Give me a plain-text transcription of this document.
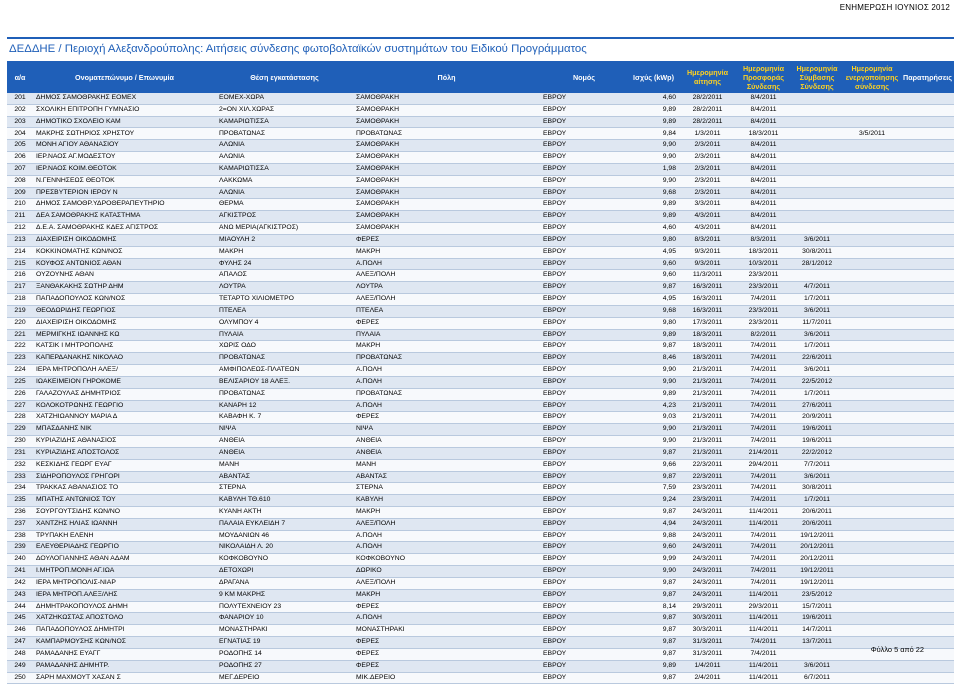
ΕΝΗΜΕΡΩΣΗ ΙΟΥΝΙΟΣ 2012
ΔΕΔΔΗΕ / Περιοχή Αλεξανδρούπολης: Αιτήσεις σύνδεσης φωτοβολταϊκών συστημάτων του Ειδικού Προγράμματος
α/α	Ονοματεπώνυμο / Επωνυμία	Θέση εγκατάστασης	Πόλη	Νομός	Ισχύς (kWp)	Ημερομηνία αίτησης	Ημερομηνία Προσφοράς Σύνδεσης	Ημερομηνία Σύμβασης Σύνδεσης	Ημερομηνία ενεργοποίησης σύνδεσης	Παρατηρήσεις
201	ΔΗΜΟΣ ΣΑΜΟΘΡΑΚΗΣ ΕΟΜΕΧ	ΕΟΜΕΧ-ΧΩΡΑ	ΣΑΜΟΘΡΑΚΗ	ΕΒΡΟΥ	4,60	28/2/2011	8/4/2011			
202	ΣΧΟΛΙΚΗ ΕΠΙΤΡΟΠΗ ΓΥΜΝΑΣΙΟ	2=ΟΝ ΧΙΛ.ΧΩΡΑΣ	ΣΑΜΟΘΡΑΚΗ	ΕΒΡΟΥ	9,89	28/2/2011	8/4/2011			
203	ΔΗΜΟΤΙΚΟ ΣΧΟΛΕΙΟ ΚΑΜ	ΚΑΜΑΡΙΩΤΙΣΣΑ	ΣΑΜΟΘΡΑΚΗ	ΕΒΡΟΥ	9,89	28/2/2011	8/4/2011			
204	ΜΑΚΡΗΣ ΣΩΤΗΡΙΟΣ ΧΡΗΣΤΟΥ	ΠΡΟΒΑΤΩΝΑΣ	ΠΡΟΒΑΤΩΝΑΣ	ΕΒΡΟΥ	9,84	1/3/2011	18/3/2011		3/5/2011	
205	ΜΟΝΗ ΑΓΙΟΥ ΑΘΑΝΑΣΙΟΥ	ΑΛΩΝΙΑ	ΣΑΜΟΘΡΑΚΗ	ΕΒΡΟΥ	9,90	2/3/2011	8/4/2011			
206	ΙΕΡ.ΝΑΟΣ ΑΓ.ΜΟΔΕΣΤΟΥ	ΑΛΩΝΙΑ	ΣΑΜΟΘΡΑΚΗ	ΕΒΡΟΥ	9,90	2/3/2011	8/4/2011			
207	ΙΕΡ.ΝΑΟΣ ΚΟΙΜ.ΘΕΟΤΟΚ	ΚΑΜΑΡΙΩΤΙΣΣΑ	ΣΑΜΟΘΡΑΚΗ	ΕΒΡΟΥ	1,98	2/3/2011	8/4/2011			
208	Ν.ΓΕΝΝΗΣΕΩΣ ΘΕΟΤΟΚ	ΛΑΚΚΩΜΑ	ΣΑΜΟΘΡΑΚΗ	ΕΒΡΟΥ	9,90	2/3/2011	8/4/2011			
209	ΠΡΕΣΒΥΤΕΡΙΟΝ ΙΕΡΟΥ Ν	ΑΛΩΝΙΑ	ΣΑΜΟΘΡΑΚΗ	ΕΒΡΟΥ	9,68	2/3/2011	8/4/2011			
210	ΔΗΜΟΣ ΣΑΜΟΘΡ.ΥΔΡΟΘΕΡΑΠΕΥΤΗΡΙΟ	ΘΕΡΜΑ	ΣΑΜΟΘΡΑΚΗ	ΕΒΡΟΥ	9,89	3/3/2011	8/4/2011			
211	ΔΕΑ ΣΑΜΟΘΡΑΚΗΣ ΚΑΤΑΣΤΗΜΑ	ΑΓΚΙΣΤΡΟΣ	ΣΑΜΟΘΡΑΚΗ	ΕΒΡΟΥ	9,89	4/3/2011	8/4/2011			
212	Δ.Ε.Α. ΣΑΜΟΘΡΑΚΗΣ ΚΔΕΣ ΑΓΙΣΤΡΟΣ	ΑΝΩ ΜΕΡΙΑ(ΑΓΚΙΣΤΡΟΣ)	ΣΑΜΟΘΡΑΚΗ	ΕΒΡΟΥ	4,60	4/3/2011	8/4/2011			
213	ΔΙΑΧΕΙΡΙΣΗ ΟΙΚΟΔΟΜΗΣ	ΜΙΑΟΥΛΗ 2	ΦΕΡΕΣ	ΕΒΡΟΥ	9,80	8/3/2011	8/3/2011	3/6/2011		
214	ΚΟΚΚΙΝΟΜΑΤΗΣ ΚΩΝ/ΝΟΣ	ΜΑΚΡΗ	ΜΑΚΡΗ	ΕΒΡΟΥ	4,95	9/3/2011	18/3/2011	30/8/2011		
215	ΚΟΥΦΟΣ ΑΝΤΩΝΙΟΣ ΑΘΑΝ	ΦΥΛΗΣ 24	Α.ΠΟΛΗ	ΕΒΡΟΥ	9,60	9/3/2011	10/3/2011	28/1/2012		
216	ΟΥΖΟΥΝΗΣ ΑΘΑΝ	ΑΠΑΛΟΣ	ΑΛΕΞ/ΠΟΛΗ	ΕΒΡΟΥ	9,60	11/3/2011	23/3/2011			
217	ΞΑΝΘΑΚΑΚΗΣ ΣΩΤΗΡ ΔΗΜ	ΛΟΥΤΡΑ	ΛΟΥΤΡΑ	ΕΒΡΟΥ	9,87	16/3/2011	23/3/2011	4/7/2011		
218	ΠΑΠΑΔΟΠΟΥΛΟΣ ΚΩΝ/ΝΟΣ	ΤΕΤΑΡΤΟ ΧΙΛΙΟΜΕΤΡΟ	ΑΛΕΞ/ΠΟΛΗ	ΕΒΡΟΥ	4,95	16/3/2011	7/4/2011	1/7/2011		
219	ΘΕΟΔΩΡΙΔΗΣ ΓΕΩΡΓΙΟΣ	ΠΤΕΛΕΑ	ΠΤΕΛΕΑ	ΕΒΡΟΥ	9,68	16/3/2011	23/3/2011	3/6/2011		
220	ΔΙΑΧΕΙΡΙΣΗ ΟΙΚΟΔΟΜΗΣ	ΟΛΥΜΠΟΥ 4	ΦΕΡΕΣ	ΕΒΡΟΥ	9,80	17/3/2011	23/3/2011	11/7/2011		
221	ΜΕΡΜΙΓΚΗΣ ΙΩΑΝΝΗΣ ΚΩ	ΠΥΛΑΙΑ	ΠΥΛΑΙΑ	ΕΒΡΟΥ	9,89	18/3/2011	8/2/2011	3/6/2011		
222	ΚΑΤΣΙΚ Ι ΜΗΤΡΟΠΟΛΗΣ	ΧΩΡΙΣ ΟΔΟ	ΜΑΚΡΗ	ΕΒΡΟΥ	9,87	18/3/2011	7/4/2011	1/7/2011		
223	ΚΑΠΕΡΔΑΝΑΚΗΣ ΝΙΚΟΛΑΟ	ΠΡΟΒΑΤΩΝΑΣ	ΠΡΟΒΑΤΩΝΑΣ	ΕΒΡΟΥ	8,46	18/3/2011	7/4/2011	22/6/2011		
224	ΙΕΡΑ ΜΗΤΡΟΠΟΛΗ ΑΛΕΞ/	ΑΜΦΙΠΟΛΕΩΣ-ΠΛΑΤΕΩΝ	Α.ΠΟΛΗ	ΕΒΡΟΥ	9,90	21/3/2011	7/4/2011	3/6/2011		
225	ΙΩΑΚΕΙΜΕΙΟΝ ΓΗΡΟΚΟΜΕ	ΒΕΛΙΣΑΡΙΟΥ 18 ΑΛΕΞ.	Α.ΠΟΛΗ	ΕΒΡΟΥ	9,90	21/3/2011	7/4/2011	22/5/2012		
226	ΓΑΛΑΖΟΥΛΑΣ ΔΗΜΗΤΡΙΟΣ	ΠΡΟΒΑΤΩΝΑΣ	ΠΡΟΒΑΤΩΝΑΣ	ΕΒΡΟΥ	9,89	21/3/2011	7/4/2011	1/7/2011		
227	ΚΟΛΟΚΟΤΡΩΝΗΣ ΓΕΩΡΓΙΟ	ΚΑΝΑΡΗ 12	Α.ΠΟΛΗ	ΕΒΡΟΥ	4,23	21/3/2011	7/4/2011	27/6/2011		
228	ΧΑΤΖΗΙΩΑΝΝΟΥ ΜΑΡΙΑ Δ	ΚΑΒΑΦΗ Κ. 7	ΦΕΡΕΣ	ΕΒΡΟΥ	9,03	21/3/2011	7/4/2011	20/9/2011		
229	ΜΠΑΣΔΑΝΗΣ ΝΙΚ	ΝΙΨΑ	ΝΙΨΑ	ΕΒΡΟΥ	9,90	21/3/2011	7/4/2011	19/6/2011		
230	ΚΥΡΙΑΖΙΔΗΣ ΑΘΑΝΑΣΙΟΣ	ΑΝΘΕΙΑ	ΑΝΘΕΙΑ	ΕΒΡΟΥ	9,90	21/3/2011	7/4/2011	19/6/2011		
231	ΚΥΡΙΑΖΙΔΗΣ ΑΠΟΣΤΟΛΟΣ	ΑΝΘΕΙΑ	ΑΝΘΕΙΑ	ΕΒΡΟΥ	9,87	21/3/2011	21/4/2011	22/2/2012		
232	ΚΕΣΚΙΔΗΣ ΓΕΩΡΓ ΕΥΑΓ	ΜΑΝΗ	ΜΑΝΗ	ΕΒΡΟΥ	9,66	22/3/2011	29/4/2011	7/7/2011		
233	ΣΙΔΗΡΟΠΟΥΛΟΣ ΓΡΗΓΟΡΙ	ΑΒΑΝΤΑΣ	ΑΒΑΝΤΑΣ	ΕΒΡΟΥ	9,87	22/3/2011	7/4/2011	3/6/2011		
234	ΤΡΑΚΚΑΣ ΑΘΑΝΑΣΙΟΣ ΤΟ	ΣΤΕΡΝΑ	ΣΤΕΡΝΑ	ΕΒΡΟΥ	7,59	23/3/2011	7/4/2011	30/8/2011		
235	ΜΠΑΤΗΣ ΑΝΤΩΝΙΟΣ ΤΟΥ	ΚΑΒΥΛΗ ΤΘ.610	ΚΑΒΥΛΗ	ΕΒΡΟΥ	9,24	23/3/2011	7/4/2011	1/7/2011		
236	ΣΟΥΡΓΟΥΤΣΙΔΗΣ ΚΩΝ/ΝΟ	ΚΥΑΝΗ ΑΚΤΗ	ΜΑΚΡΗ	ΕΒΡΟΥ	9,87	24/3/2011	11/4/2011	20/6/2011		
237	ΧΑΝΤΖΗΣ ΗΛΙΑΣ ΙΩΑΝΝΗ	ΠΑΛΑΙΑ ΕΥΚΛΕΙΔΗ 7	ΑΛΕΞ/ΠΟΛΗ	ΕΒΡΟΥ	4,94	24/3/2011	11/4/2011	20/6/2011		
238	ΤΡΥΠΑΚΗ ΕΛΕΝΗ	ΜΟΥΔΑΝΙΩΝ 46	Α.ΠΟΛΗ	ΕΒΡΟΥ	9,88	24/3/2011	7/4/2011	19/12/2011		
239	ΕΛΕΥΘΕΡΙΑΔΗΣ ΓΕΩΡΓΙΟ	ΝΙΚΟΛΑΙΔΗ Λ. 20	Α.ΠΟΛΗ	ΕΒΡΟΥ	9,60	24/3/2011	7/4/2011	20/12/2011		
240	ΔΟΥΛΟΓΙΑΝΝΗΣ ΑΘΑΝ ΑΔΑΜ	ΚΟΦΚΟΒΟΥΝΟ	ΚΟΦΚΟΒΟΥΝΟ	ΕΒΡΟΥ	9,99	24/3/2011	7/4/2011	20/12/2011		
241	Ι.ΜΗΤΡΟΠ.ΜΟΝΗ ΑΓ.ΙΩΑ	ΔΕΤΟΧΩΡΙ	ΔΩΡΙΚΟ	ΕΒΡΟΥ	9,90	24/3/2011	7/4/2011	19/12/2011		
242	ΙΕΡΑ ΜΗΤΡΟΠΟΛΙΣ-ΝΙΑΡ	ΔΡΑΓΑΝΑ	ΑΛΕΞ/ΠΟΛΗ	ΕΒΡΟΥ	9,87	24/3/2011	7/4/2011	19/12/2011		
243	ΙΕΡΑ ΜΗΤΡΟΠ.ΑΛΕΞ/ΛΗΣ	9 ΚΜ ΜΑΚΡΗΣ	ΜΑΚΡΗ	ΕΒΡΟΥ	9,87	24/3/2011	11/4/2011	23/5/2012		
244	ΔΗΜΗΤΡΑΚΟΠΟΥΛΟΣ ΔΗΜΗ	ΠΟΛΥΤΕΧΝΕΙΟΥ 23	ΦΕΡΕΣ	ΕΒΡΟΥ	8,14	29/3/2011	29/3/2011	15/7/2011		
245	ΧΑΤΖΗΚΩΣΤΑΣ ΑΠΟΣΤΟΛΟ	ΦΑΝΑΡΙΟΥ 10	Α.ΠΟΛΗ	ΕΒΡΟΥ	9,87	30/3/2011	11/4/2011	19/6/2011		
246	ΠΑΠΑΔΟΠΟΥΛΟΣ ΔΗΜΗΤΡΙ	ΜΟΝΑΣΤΗΡΑΚΙ	ΜΟΝΑΣΤΗΡΑΚΙ	ΕΒΡΟΥ	9,87	30/3/2011	11/4/2011	14/7/2011		
247	ΚΑΜΠΑΡΜΟΥΣΗΣ ΚΩΝ/ΝΟΣ	ΕΓΝΑΤΙΑΣ 19	ΦΕΡΕΣ	ΕΒΡΟΥ	9,87	31/3/2011	7/4/2011	13/7/2011		
248	ΡΑΜΑΔΑΝΗΣ ΕΥΑΓΓ	ΡΟΔΟΠΗΣ 14	ΦΕΡΕΣ	ΕΒΡΟΥ	9,87	31/3/2011	7/4/2011			
249	ΡΑΜΑΔΑΝΗΣ ΔΗΜΗΤΡ.	ΡΟΔΟΠΗΣ 27	ΦΕΡΕΣ	ΕΒΡΟΥ	9,89	1/4/2011	11/4/2011	3/6/2011		
250	ΣΑΡΗ ΜΑΧΜΟΥΤ ΧΑΣΑΝ Σ	ΜΕΓ.ΔΕΡΕΙΟ	ΜΙΚ.ΔΕΡΕΙΟ	ΕΒΡΟΥ	9,87	2/4/2011	11/4/2011	6/7/2011		
Φύλλο 5 από 22
